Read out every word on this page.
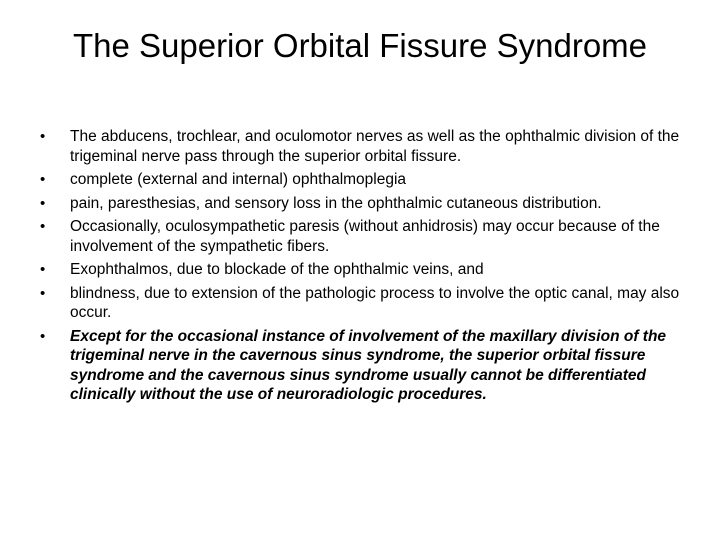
The Superior Orbital Fissure Syndrome
•	The abducens, trochlear, and oculomotor nerves as well as the ophthalmic division of the trigeminal nerve pass through the superior orbital fissure.
•	complete (external and internal) ophthalmoplegia
•	pain, paresthesias, and sensory loss in the ophthalmic cutaneous distribution.
•	Occasionally, oculosympathetic paresis (without anhidrosis) may occur because of the involvement of the sympathetic fibers.
•	Exophthalmos, due to blockade of the ophthalmic veins, and
•	blindness, due to extension of the pathologic process to involve the optic canal, may also occur.
•	Except for the occasional instance of involvement of the maxillary division of the trigeminal nerve in the cavernous sinus syndrome, the superior orbital fissure syndrome and the cavernous sinus syndrome usually cannot be differentiated clinically without the use of neuroradiologic procedures.
